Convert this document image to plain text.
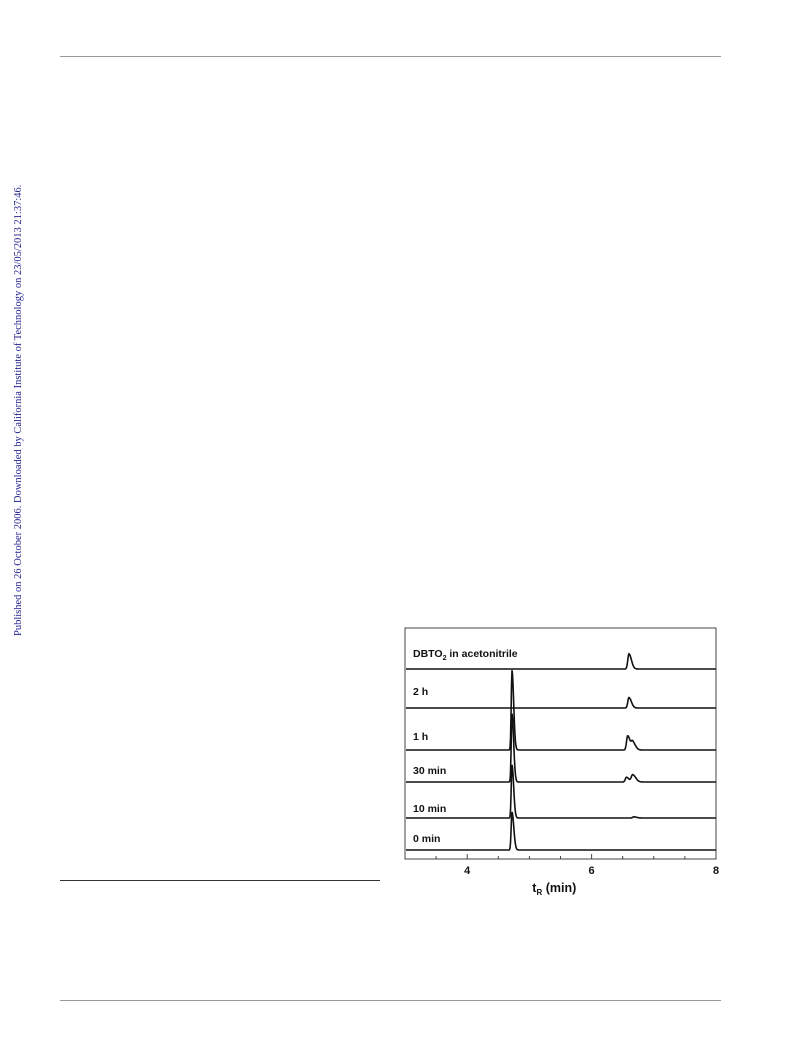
Published on 26 October 2006. Downloaded by California Institute of Technology on 23/05/2013 21:37:46.
$DBTO_2$ in acetonitrile
2 h
1 h
30 min
10 min
0 min
4	6	8
$t_R$ (min)
